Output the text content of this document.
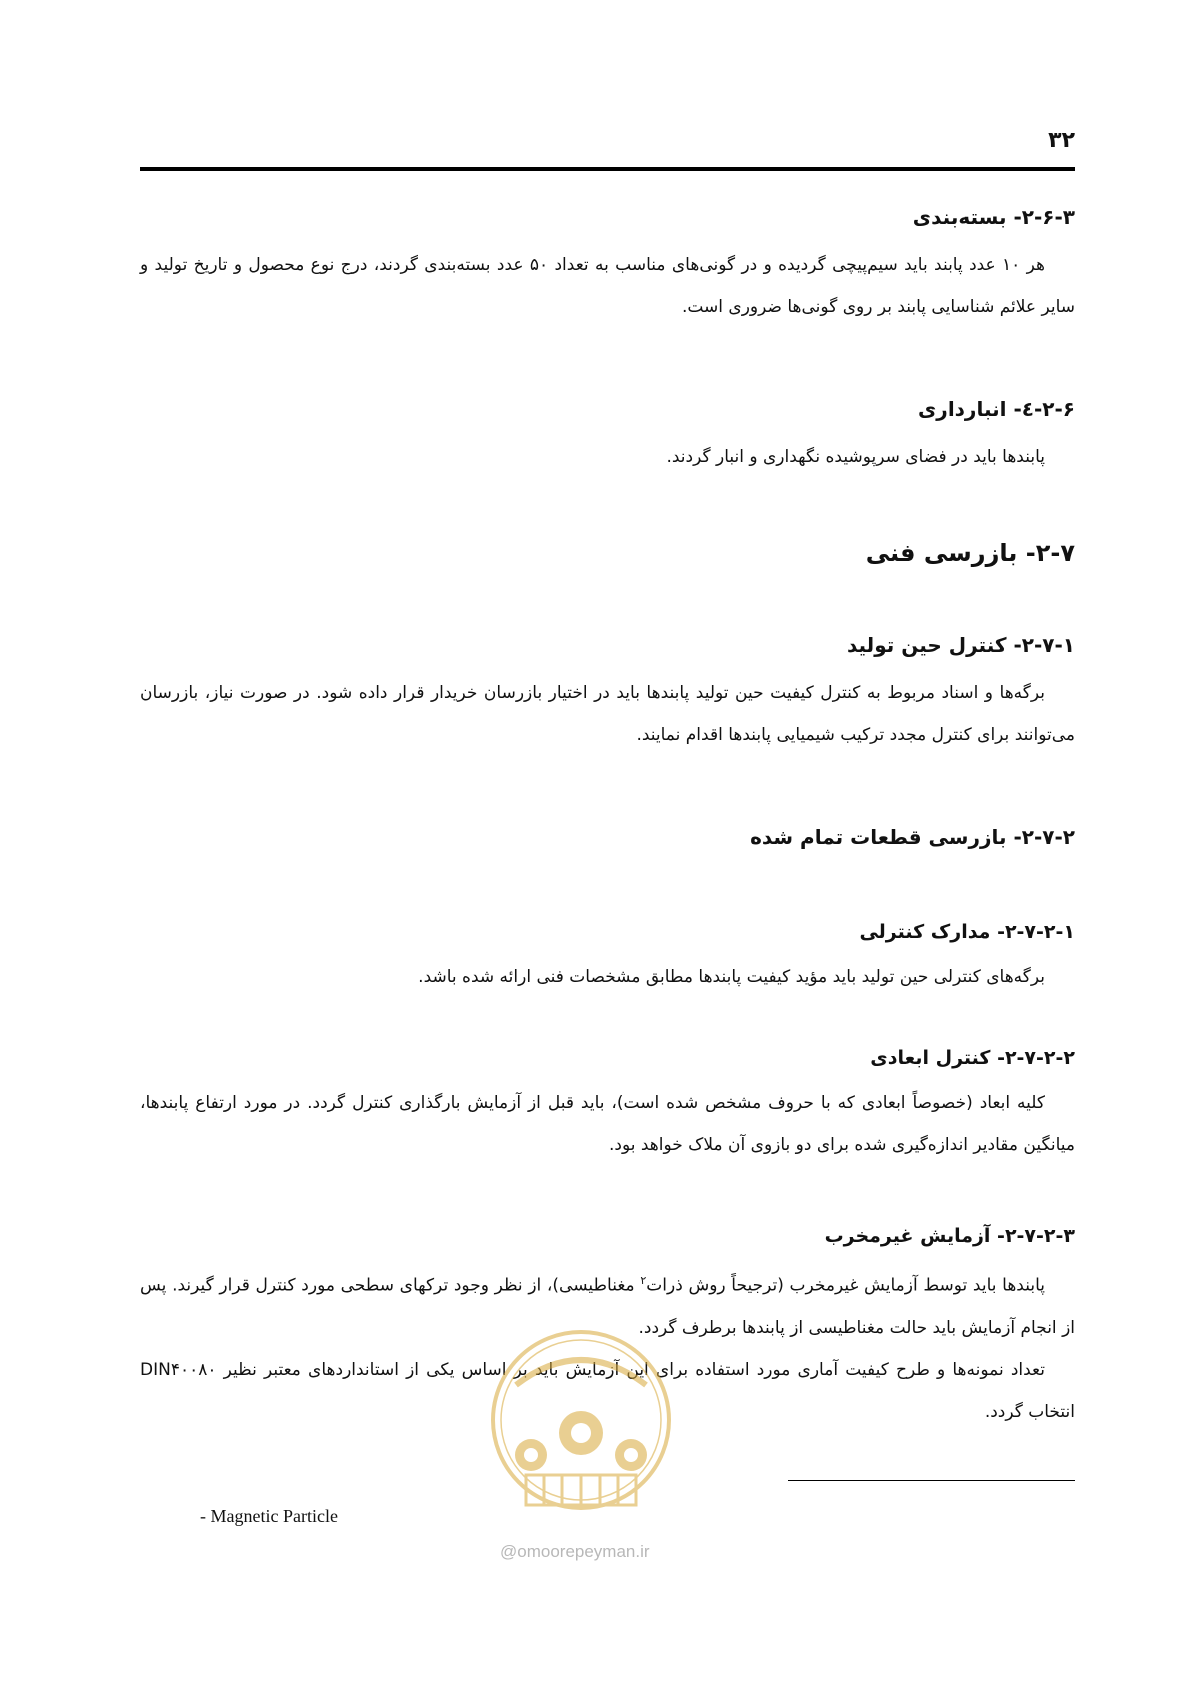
۳۲
۲-۶-۳- بسته‌بندی

هر ۱۰ عدد پابند باید سیم‌پیچی گردیده و در گونی‌های مناسب به تعداد ۵۰ عدد بسته‌بندی گردند، درج نوع محصول و تاریخ تولید و سایر علائم شناسایی پابند بر روی گونی‌ها ضروری است.

۲-۶-٤- انبارداری

پابندها باید در فضای سرپوشیده نگهداری و انبار گردند.

۲-۷- بازرسی فنی
۲-۷-۱- کنترل حین تولید

برگه‌ها و اسناد مربوط به کنترل کیفیت حین تولید پابندها باید در اختیار بازرسان خریدار قرار داده شود. در صورت نیاز، بازرسان می‌توانند برای کنترل مجدد ترکیب شیمیایی پابندها اقدام نمایند.

۲-۷-۲- بازرسی قطعات تمام شده
۲-۷-۲-۱- مدارک کنترلی

برگه‌های کنترلی حین تولید باید مؤید کیفیت پابندها مطابق مشخصات فنی ارائه شده باشد.

۲-۷-۲-۲- کنترل ابعادی

کلیه ابعاد (خصوصاً ابعادی که با حروف مشخص شده است)، باید قبل از آزمایش بارگذاری کنترل گردد. در مورد ارتفاع پابندها، میانگین مقادیر اندازه‌گیری شده برای دو بازوی آن ملاک خواهد بود.

۲-۷-۲-۳- آزمایش غیرمخرب

پابندها باید توسط آزمایش غیرمخرب (ترجیحاً روش ذرات$^۲$ مغناطیسی)، از نظر وجود ترکهای سطحی مورد کنترل قرار گیرند. پس از انجام آزمایش باید حالت مغناطیسی از پابندها برطرف گردد.

تعداد نمونه‌ها و طرح کیفیت آماری مورد استفاده برای این آزمایش باید بر اساس یکی از استانداردهای معتبر نظیر DIN۴۰۰۸۰ انتخاب گردد.

- Magnetic Particle
@omoorepeyman.ir
